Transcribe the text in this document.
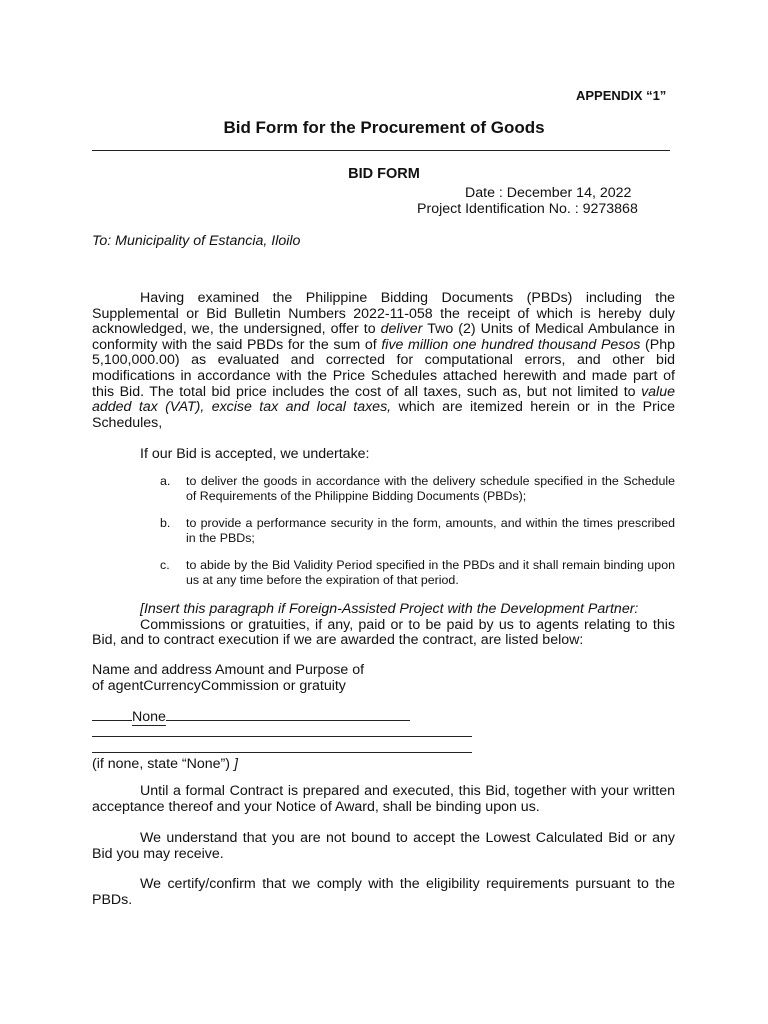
APPENDIX “1”
Bid Form for the Procurement of Goods
BID FORM
Date : December 14, 2022
Project Identification No. : 9273868
To: Municipality of Estancia, Iloilo
Having examined the Philippine Bidding Documents (PBDs) including the Supplemental or Bid Bulletin Numbers 2022-11-058 the receipt of which is hereby duly acknowledged, we, the undersigned, offer to deliver Two (2) Units of Medical Ambulance in conformity with the said PBDs for the sum of five million one hundred thousand Pesos (Php 5,100,000.00) as evaluated and corrected for computational errors, and other bid modifications in accordance with the Price Schedules attached herewith and made part of this Bid. The total bid price includes the cost of all taxes, such as, but not limited to value added tax (VAT), excise tax and local taxes, which are itemized herein or in the Price Schedules,
If our Bid is accepted, we undertake:
a. to deliver the goods in accordance with the delivery schedule specified in the Schedule of Requirements of the Philippine Bidding Documents (PBDs);
b. to provide a performance security in the form, amounts, and within the times prescribed in the PBDs;
c. to abide by the Bid Validity Period specified in the PBDs and it shall remain binding upon us at any time before the expiration of that period.
[Insert this paragraph if Foreign-Assisted Project with the Development Partner:
Commissions or gratuities, if any, paid or to be paid by us to agents relating to this Bid, and to contract execution if we are awarded the contract, are listed below:
Name and address Amount and Purpose of
of agentCurrencyCommission or gratuity
None
(if none, state “None”) ]
Until a formal Contract is prepared and executed, this Bid, together with your written acceptance thereof and your Notice of Award, shall be binding upon us.
We understand that you are not bound to accept the Lowest Calculated Bid or any Bid you may receive.
We certify/confirm that we comply with the eligibility requirements pursuant to the PBDs.
